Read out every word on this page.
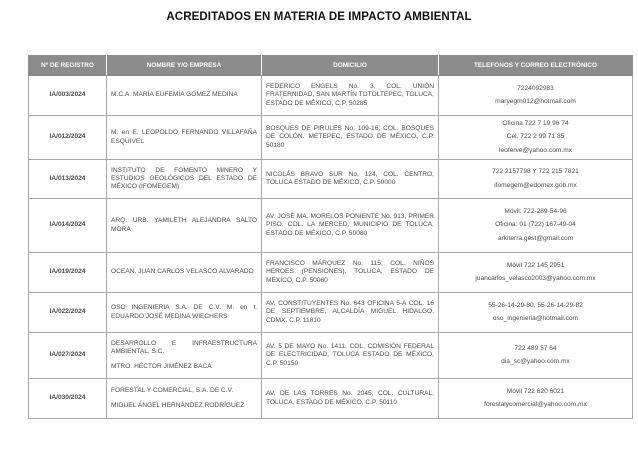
ACREDITADOS EN MATERIA DE IMPACTO AMBIENTAL
Nº DE REGISTRO	NOMBRE Y/O EMPRESA	DOMICILIO	TELEFONOS Y CORREO ELECTRÓNICO
IA/003/2024	M.C.A. MARÍA EUFEMIA GÓMEZ MEDINA	FEDERICO ENGELS No. 3, COL. UNIÓN FRATERNIDAD, SAN MARTÍN TOTOLTEPEC, TOLUCA, ESTADO DE MÉXICO, C.P. 50285	7224092983
maryegm012@hotmail.com

IA/012/2024	M. en E. LEOPOLDO FERNANDO VILLAFAÑA ESQUIVEL	BOSQUES DE PIRULES No. 109-16, COL. BOSQUES DE COLÓN. METEPEC, ESTADO DE MÉXICO, C.P. 50180	Oficina 722 7 19 96 74
Cel. 722 2 99 71 85
leoferve@yahoo.com.mx

IA/013/2024	INSTITUTO DE FOMENTO MINERO Y ESTUDIOS GEOLÓGICOS DEL ESTADO DE MÉXICO (IFOMEGEM)	NICOLÁS BRAVO SUR No. 124, COL. CENTRO, TOLUCA ESTADO DE MÉXICO, C.P. 50000	722 2157798 Y 722 215 7821
ifomegem@edomex.gob.mx

IA/014/2024	ARQ. URB. YAMILETH ALEJANDRA SALTO MORA	AV. JOSÉ MA. MORELOS PONIENTE No. 913, PRIMER PISO. COL. LA MERCED, MUNICIPIO DE TOLUCA, ESTADO DE MÉXICO, C.P. 50080	Móvil: 722-289-54-96
Oficina: 01 (722) 167-49-04
arkiterra.gest@gmail.com

IA/019/2024	OCEAN, JUAN CARLOS VELASCO ALVARADO	FRANCISCO MÁRQUEZ No. 115, COL. NIÑOS HEROES (PENSIONES), TOLUCA, ESTADO DE MÉXICO, C.P. 50060	Móvil 722 145 2951
juancarlos_velasco2003@yahoo.com.mx

IA/022/2024	OSO INGENIERIA S.A. DE C.V. M. en I. EDUARDO JOSÉ MEDINA WIECHERS	AV. CONSTITUYENTES No. 643 OFICINA 5-A COL. 16 DE SEPTIEMBRE, ALCALDÍA MIGUEL HIDALGO, CDMX. C.P. 11810	55-26-14-29-80, 55-26-14-29-82
oso_ingenieria@hotmail.com

IA/027/2024	DESARROLLO E INFRAESTRUCTURA AMBIENTAL, S.C.
MTRO. HÉCTOR JIMÉNEZ BACA	AV. 5 DE MAYO No. 1411, COL. COMISIÓN FEDERAL DE ELECTRICIDAD, TOLUCA ESTADO DE MÉXICO, C.P. 50150	722 489 57 64
dia_sc@yahoo.com.mx

IA/030/2024	FORESTAL Y COMERCIAL, S.A. DE C.V.
MIGUEL ÁNGEL HERNÁNDEZ RODRÍGUEZ	AV. DE LAS TORRES No. 2045, COL. CULTURAL, TOLUCA, ESTADO DE MÉXICO, C.P. 50110	Móvil 722 620 6021
forestalycomercial@yahoo.com.mx
